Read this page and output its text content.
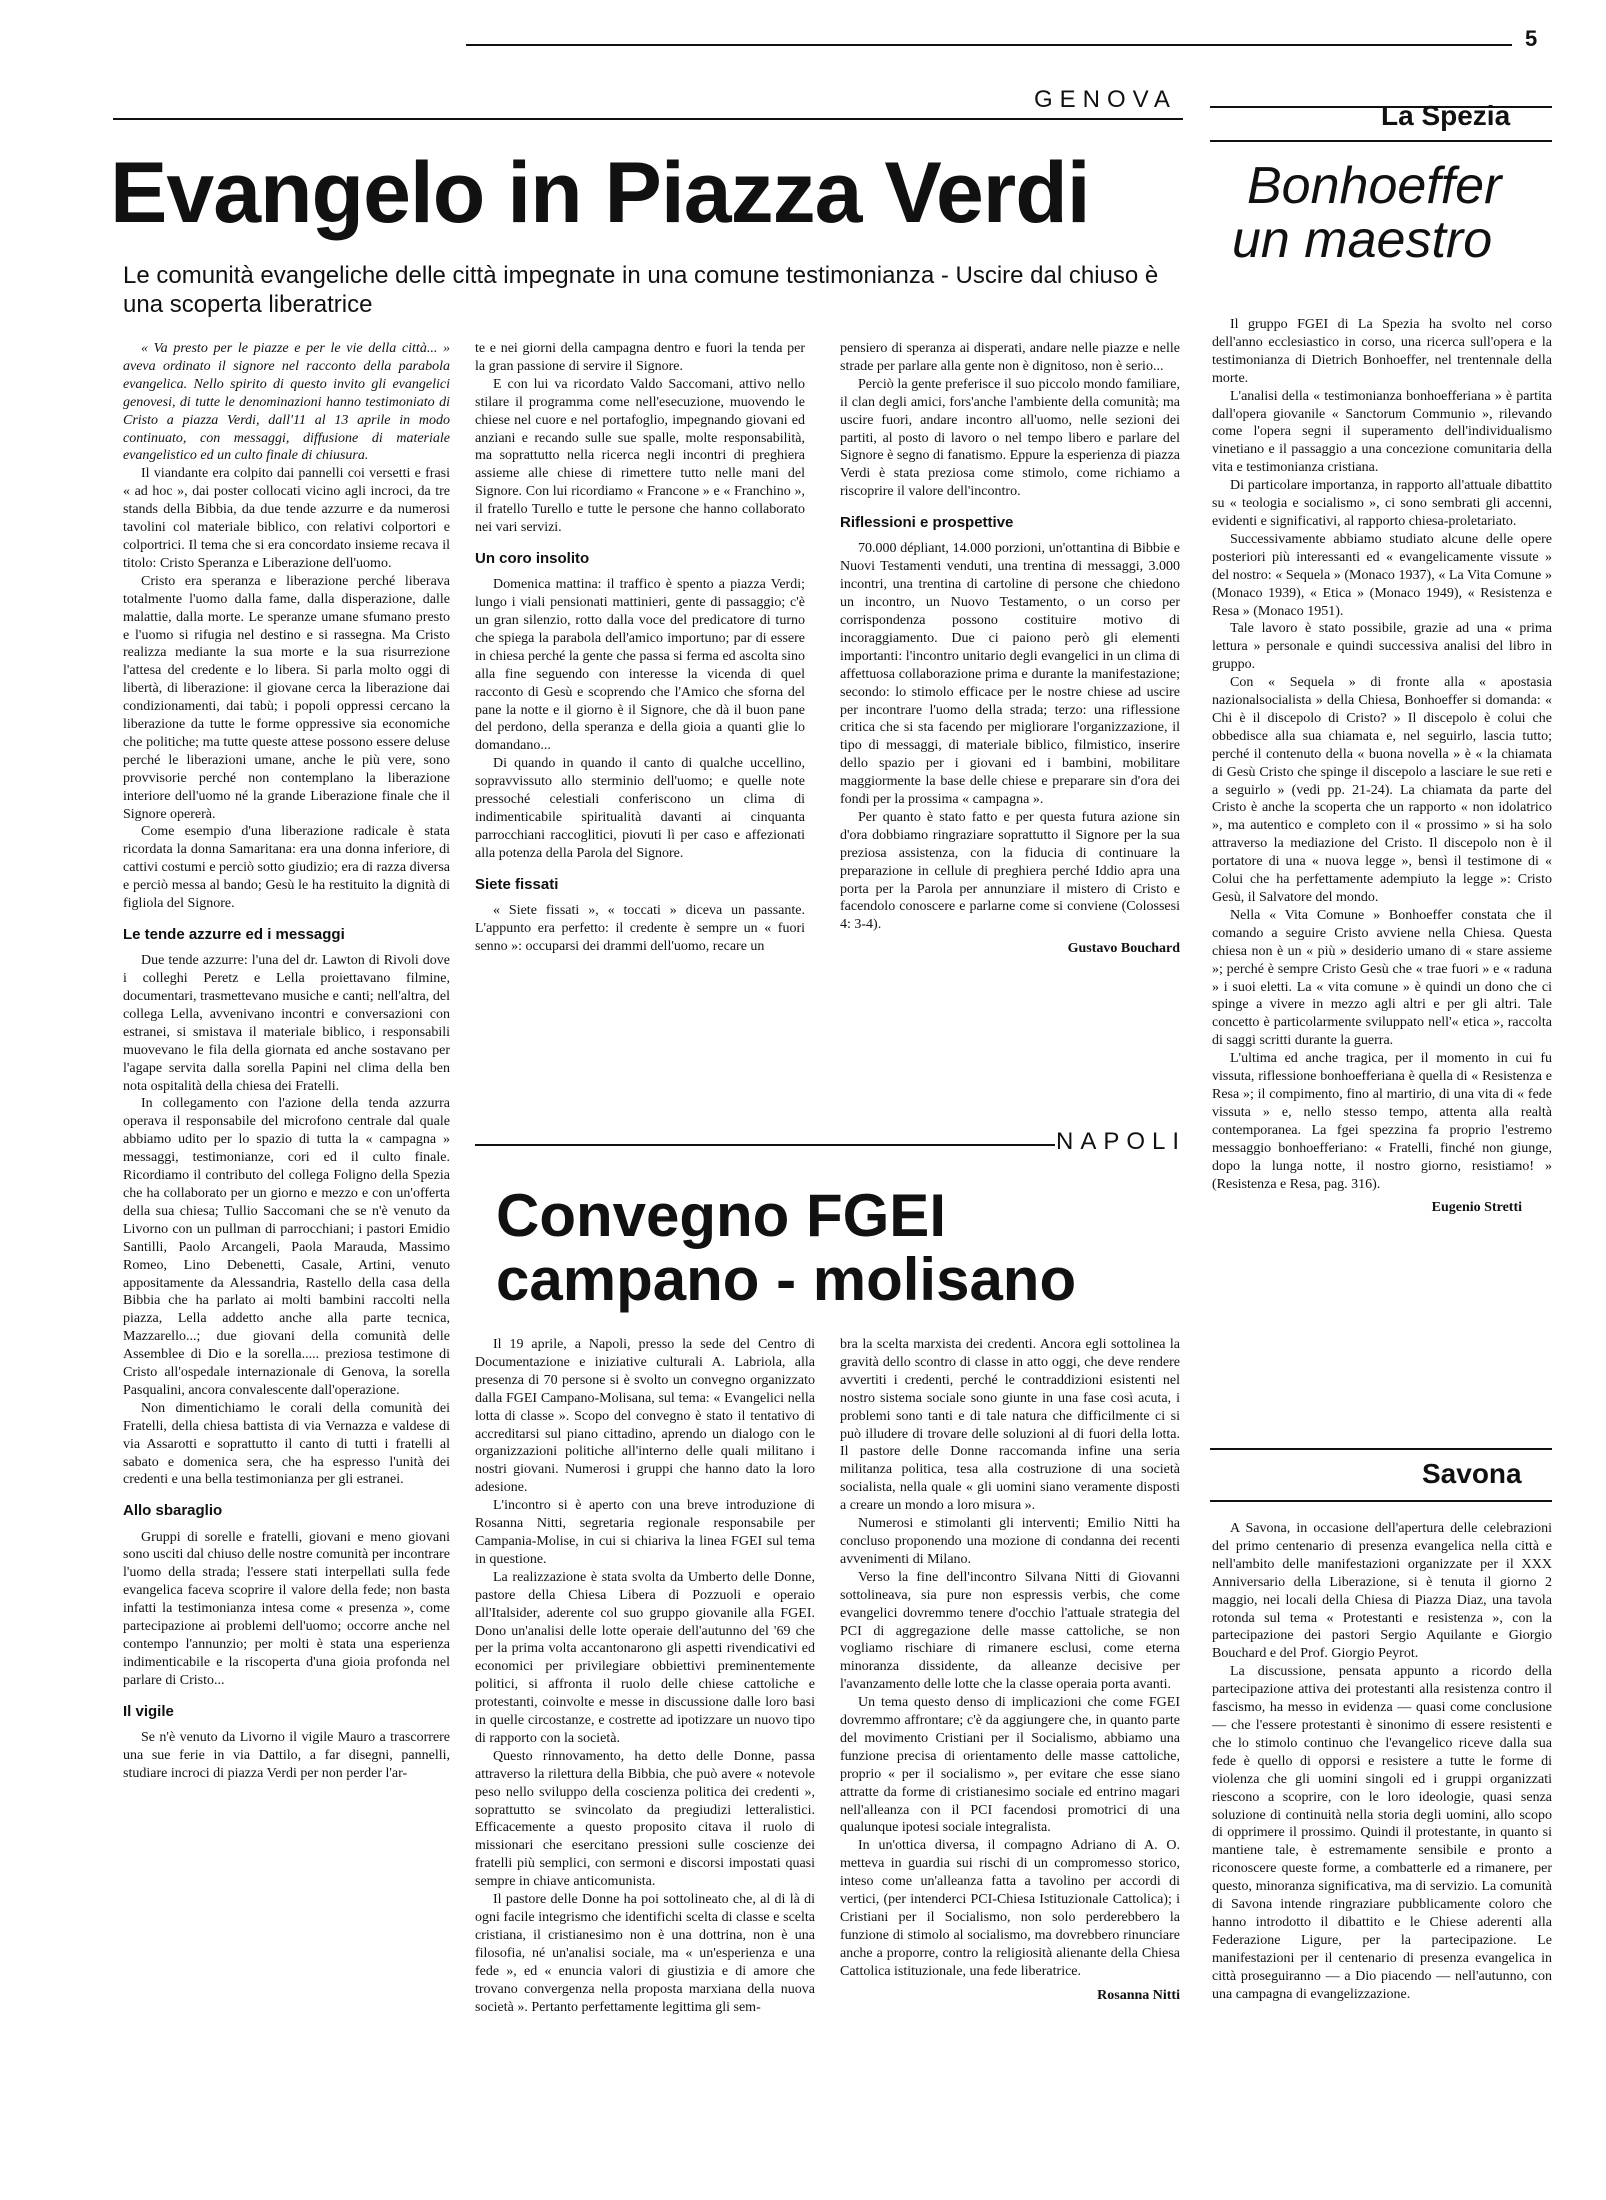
5
GENOVA
Evangelo in Piazza Verdi
Le comunità evangeliche delle città impegnate in una comune testimonianza - Uscire dal chiuso è una scoperta liberatrice

« Va presto per le piazze e per le vie della città... » aveva ordinato il signore nel racconto della parabola evangelica. Nello spirito di questo invito gli evangelici genovesi, di tutte le denominazioni hanno testimoniato di Cristo a piazza Verdi, dall'11 al 13 aprile in modo continuato, con messaggi, diffusione di materiale evangelistico ed un culto finale di chiusura.

Il viandante era colpito dai pannelli coi versetti e frasi « ad hoc », dai poster collocati vicino agli incroci, da tre stands della Bibbia, da due tende azzurre e da numerosi tavolini col materiale biblico, con relativi colportori e colportrici. Il tema che si era concordato insieme recava il titolo: Cristo Speranza e Liberazione dell'uomo.

Cristo era speranza e liberazione perché liberava totalmente l'uomo dalla fame, dalla disperazione, dalle malattie, dalla morte. Le speranze umane sfumano presto e l'uomo si rifugia nel destino e si rassegna. Ma Cristo realizza mediante la sua morte e la sua risurrezione l'attesa del credente e lo libera. Si parla molto oggi di libertà, di liberazione: il giovane cerca la liberazione dai condizionamenti, dai tabù; i popoli oppressi cercano la liberazione da tutte le forme oppressive sia economiche che politiche; ma tutte queste attese possono essere deluse perché le liberazioni umane, anche le più vere, sono provvisorie perché non contemplano la liberazione interiore dell'uomo né la grande Liberazione finale che il Signore opererà.

Come esempio d'una liberazione radicale è stata ricordata la donna Samaritana: era una donna inferiore, di cattivi costumi e perciò sotto giudizio; era di razza diversa e perciò messa al bando; Gesù le ha restituito la dignità di figliola del Signore.

Le tende azzurre ed i messaggi

Due tende azzurre: l'una del dr. Lawton di Rivoli dove i colleghi Peretz e Lella proiettavano filmine, documentari, trasmettevano musiche e canti; nell'altra, del collega Lella, avvenivano incontri e conversazioni con estranei, si smistava il materiale biblico, i responsabili muovevano le fila della giornata ed anche sostavano per l'agape servita dalla sorella Papini nel clima della ben nota ospitalità della chiesa dei Fratelli.

In collegamento con l'azione della tenda azzurra operava il responsabile del microfono centrale dal quale abbiamo udito per lo spazio di tutta la « campagna » messaggi, testimonianze, cori ed il culto finale. Ricordiamo il contributo del collega Foligno della Spezia che ha collaborato per un giorno e mezzo e con un'offerta della sua chiesa; Tullio Saccomani che se n'è venuto da Livorno con un pullman di parrocchiani; i pastori Emidio Santilli, Paolo Arcangeli, Paola Marauda, Massimo Romeo, Lino Debenetti, Casale, Artini, venuto appositamente da Alessandria, Rastello della casa della Bibbia che ha parlato ai molti bambini raccolti nella piazza, Lella addetto anche alla parte tecnica, Mazzarello...; due giovani della comunità delle Assemblee di Dio e la sorella..... preziosa testimone di Cristo all'ospedale internazionale di Genova, la sorella Pasqualini, ancora convalescente dall'operazione.

Non dimentichiamo le corali della comunità dei Fratelli, della chiesa battista di via Vernazza e valdese di via Assarotti e soprattutto il canto di tutti i fratelli al sabato e domenica sera, che ha espresso l'unità dei credenti e una bella testimonianza per gli estranei.

Allo sbaraglio

Gruppi di sorelle e fratelli, giovani e meno giovani sono usciti dal chiuso delle nostre comunità per incontrare l'uomo della strada; l'essere stati interpellati sulla fede evangelica faceva scoprire il valore della fede; non basta infatti la testimonianza intesa come « presenza », come partecipazione ai problemi dell'uomo; occorre anche nel contempo l'annunzio; per molti è stata una esperienza indimenticabile e la riscoperta d'una gioia profonda nel parlare di Cristo...

Il vigile

Se n'è venuto da Livorno il vigile Mauro a trascorrere una sue ferie in via Dattilo, a far disegni, pannelli, studiare incroci di piazza Verdi per non perder l'ar-

te e nei giorni della campagna dentro e fuori la tenda per la gran passione di servire il Signore.

E con lui va ricordato Valdo Saccomani, attivo nello stilare il programma come nell'esecuzione, muovendo le chiese nel cuore e nel portafoglio, impegnando giovani ed anziani e recando sulle sue spalle, molte responsabilità, ma soprattutto nella ricerca negli incontri di preghiera assieme alle chiese di rimettere tutto nelle mani del Signore. Con lui ricordiamo « Francone » e « Franchino », il fratello Turello e tutte le persone che hanno collaborato nei vari servizi.

Un coro insolito

Domenica mattina: il traffico è spento a piazza Verdi; lungo i viali pensionati mattinieri, gente di passaggio; c'è un gran silenzio, rotto dalla voce del predicatore di turno che spiega la parabola dell'amico importuno; par di essere in chiesa perché la gente che passa si ferma ed ascolta sino alla fine seguendo con interesse la vicenda di quel racconto di Gesù e scoprendo che l'Amico che sforna del pane la notte e il giorno è il Signore, che dà il buon pane del perdono, della speranza e della gioia a quanti glie lo domandano...

Di quando in quando il canto di qualche uccellino, sopravvissuto allo sterminio dell'uomo; e quelle note pressoché celestiali conferiscono un clima di indimenticabile spiritualità davanti ai cinquanta parrocchiani raccoglitici, piovuti lì per caso e affezionati alla potenza della Parola del Signore.

Siete fissati

« Siete fissati », « toccati » diceva un passante. L'appunto era perfetto: il credente è sempre un « fuori senno »: occuparsi dei drammi dell'uomo, recare un

pensiero di speranza ai disperati, andare nelle piazze e nelle strade per parlare alla gente non è dignitoso, non è serio...

Perciò la gente preferisce il suo piccolo mondo familiare, il clan degli amici, fors'anche l'ambiente della comunità; ma uscire fuori, andare incontro all'uomo, nelle sezioni dei partiti, al posto di lavoro o nel tempo libero e parlare del Signore è segno di fanatismo. Eppure la esperienza di piazza Verdi è stata preziosa come stimolo, come richiamo a riscoprire il valore dell'incontro.

Riflessioni e prospettive

70.000 dépliant, 14.000 porzioni, un'ottantina di Bibbie e Nuovi Testamenti venduti, una trentina di messaggi, 3.000 incontri, una trentina di cartoline di persone che chiedono un incontro, un Nuovo Testamento, o un corso per corrispondenza possono costituire motivo di incoraggiamento. Due ci paiono però gli elementi importanti: l'incontro unitario degli evangelici in un clima di affettuosa collaborazione prima e durante la manifestazione; secondo: lo stimolo efficace per le nostre chiese ad uscire per incontrare l'uomo della strada; terzo: una riflessione critica che si sta facendo per migliorare l'organizzazione, il tipo di messaggi, di materiale biblico, filmistico, inserire dello spazio per i giovani ed i bambini, mobilitare maggiormente la base delle chiese e preparare sin d'ora dei fondi per la prossima « campagna ».

Per quanto è stato fatto e per questa futura azione sin d'ora dobbiamo ringraziare soprattutto il Signore per la sua preziosa assistenza, con la fiducia di continuare la preparazione in cellule di preghiera perché Iddio apra una porta per la Parola per annunziare il mistero di Cristo e facendolo conoscere e parlarne come si conviene (Colossesi 4: 3-4).

Gustavo Bouchard
NAPOLI
Convegno FGEI
campano - molisano

Il 19 aprile, a Napoli, presso la sede del Centro di Documentazione e iniziative culturali A. Labriola, alla presenza di 70 persone si è svolto un convegno organizzato dalla FGEI Campano-Molisana, sul tema: « Evangelici nella lotta di classe ». Scopo del convegno è stato il tentativo di accreditarsi sul piano cittadino, aprendo un dialogo con le organizzazioni politiche all'interno delle quali militano i nostri giovani. Numerosi i gruppi che hanno dato la loro adesione.

L'incontro si è aperto con una breve introduzione di Rosanna Nitti, segretaria regionale responsabile per Campania-Molise, in cui si chiariva la linea FGEI sul tema in questione.

La realizzazione è stata svolta da Umberto delle Donne, pastore della Chiesa Libera di Pozzuoli e operaio all'Italsider, aderente col suo gruppo giovanile alla FGEI. Dono un'analisi delle lotte operaie dell'autunno del '69 che per la prima volta accantonarono gli aspetti rivendicativi ed economici per privilegiare obbiettivi preminentemente politici, si affronta il ruolo delle chiese cattoliche e protestanti, coinvolte e messe in discussione dalle loro basi in quelle circostanze, e costrette ad ipotizzare un nuovo tipo di rapporto con la società.

Questo rinnovamento, ha detto delle Donne, passa attraverso la rilettura della Bibbia, che può avere « notevole peso nello sviluppo della coscienza politica dei credenti », soprattutto se svincolato da pregiudizi letteralistici. Efficacemente a questo proposito citava il ruolo di missionari che esercitano pressioni sulle coscienze dei fratelli più semplici, con sermoni e discorsi impostati quasi sempre in chiave anticomunista.

Il pastore delle Donne ha poi sottolineato che, al di là di ogni facile integrismo che identifichi scelta di classe e scelta cristiana, il cristianesimo non è una dottrina, non è una filosofia, né un'analisi sociale, ma « un'esperienza e una fede », ed « enuncia valori di giustizia e di amore che trovano convergenza nella proposta marxiana della nuova società ». Pertanto perfettamente legittima gli sem-

bra la scelta marxista dei credenti. Ancora egli sottolinea la gravità dello scontro di classe in atto oggi, che deve rendere avvertiti i credenti, perché le contraddizioni esistenti nel nostro sistema sociale sono giunte in una fase così acuta, i problemi sono tanti e di tale natura che difficilmente ci si può illudere di trovare delle soluzioni al di fuori della lotta. Il pastore delle Donne raccomanda infine una seria militanza politica, tesa alla costruzione di una società socialista, nella quale « gli uomini siano veramente disposti a creare un mondo a loro misura ».

Numerosi e stimolanti gli interventi; Emilio Nitti ha concluso proponendo una mozione di condanna dei recenti avvenimenti di Milano.

Verso la fine dell'incontro Silvana Nitti di Giovanni sottolineava, sia pure non espressis verbis, che come evangelici dovremmo tenere d'occhio l'attuale strategia del PCI di aggregazione delle masse cattoliche, se non vogliamo rischiare di rimanere esclusi, come eterna minoranza dissidente, da alleanze decisive per l'avanzamento delle lotte che la classe operaia porta avanti.

Un tema questo denso di implicazioni che come FGEI dovremmo affrontare; c'è da aggiungere che, in quanto parte del movimento Cristiani per il Socialismo, abbiamo una funzione precisa di orientamento delle masse cattoliche, proprio « per il socialismo », per evitare che esse siano attratte da forme di cristianesimo sociale ed entrino magari nell'alleanza con il PCI facendosi promotrici di una qualunque ipotesi sociale integralista.

In un'ottica diversa, il compagno Adriano di A. O. metteva in guardia sui rischi di un compromesso storico, inteso come un'alleanza fatta a tavolino per accordi di vertici, (per intenderci PCI-Chiesa Istituzionale Cattolica); i Cristiani per il Socialismo, non solo perderebbero la funzione di stimolo al socialismo, ma dovrebbero rinunciare anche a proporre, contro la religiosità alienante della Chiesa Cattolica istituzionale, una fede liberatrice.

Rosanna Nitti
La Spezia
Bonhoeffer
un maestro

Il gruppo FGEI di La Spezia ha svolto nel corso dell'anno ecclesiastico in corso, una ricerca sull'opera e la testimonianza di Dietrich Bonhoeffer, nel trentennale della morte.

L'analisi della « testimonianza bonhoefferiana » è partita dall'opera giovanile « Sanctorum Communio », rilevando come l'opera segni il superamento dell'individualismo vinetiano e il passaggio a una concezione comunitaria della vita e testimonianza cristiana.

Di particolare importanza, in rapporto all'attuale dibattito su « teologia e socialismo », ci sono sembrati gli accenni, evidenti e significativi, al rapporto chiesa-proletariato.

Successivamente abbiamo studiato alcune delle opere posteriori più interessanti ed « evangelicamente vissute » del nostro: « Sequela » (Monaco 1937), « La Vita Comune » (Monaco 1939), « Etica » (Monaco 1949), « Resistenza e Resa » (Monaco 1951).

Tale lavoro è stato possibile, grazie ad una « prima lettura » personale e quindi successiva analisi del libro in gruppo.

Con « Sequela » di fronte alla « apostasia nazionalsocialista » della Chiesa, Bonhoeffer si domanda: « Chi è il discepolo di Cristo? » Il discepolo è colui che obbedisce alla sua chiamata e, nel seguirlo, lascia tutto; perché il contenuto della « buona novella » è « la chiamata di Gesù Cristo che spinge il discepolo a lasciare le sue reti e a seguirlo » (vedi pp. 21-24). La chiamata da parte del Cristo è anche la scoperta che un rapporto « non idolatrico », ma autentico e completo con il « prossimo » si ha solo attraverso la mediazione del Cristo. Il discepolo non è il portatore di una « nuova legge », bensì il testimone di « Colui che ha perfettamente adempiuto la legge »: Cristo Gesù, il Salvatore del mondo.

Nella « Vita Comune » Bonhoeffer constata che il comando a seguire Cristo avviene nella Chiesa. Questa chiesa non è un « più » desiderio umano di « stare assieme »; perché è sempre Cristo Gesù che « trae fuori » e « raduna » i suoi eletti. La « vita comune » è quindi un dono che ci spinge a vivere in mezzo agli altri e per gli altri. Tale concetto è particolarmente sviluppato nell'« etica », raccolta di saggi scritti durante la guerra.

L'ultima ed anche tragica, per il momento in cui fu vissuta, riflessione bonhoefferiana è quella di « Resistenza e Resa »; il compimento, fino al martirio, di una vita di « fede vissuta » e, nello stesso tempo, attenta alla realtà contemporanea. La fgei spezzina fa proprio l'estremo messaggio bonhoefferiano: « Fratelli, finché non giunge, dopo la lunga notte, il nostro giorno, resistiamo! » (Resistenza e Resa, pag. 316).

Eugenio Stretti
Savona

A Savona, in occasione dell'apertura delle celebrazioni del primo centenario di presenza evangelica nella città e nell'ambito delle manifestazioni organizzate per il XXX Anniversario della Liberazione, si è tenuta il giorno 2 maggio, nei locali della Chiesa di Piazza Diaz, una tavola rotonda sul tema « Protestanti e resistenza », con la partecipazione dei pastori Sergio Aquilante e Giorgio Bouchard e del Prof. Giorgio Peyrot.

La discussione, pensata appunto a ricordo della partecipazione attiva dei protestanti alla resistenza contro il fascismo, ha messo in evidenza — quasi come conclusione — che l'essere protestanti è sinonimo di essere resistenti e che lo stimolo continuo che l'evangelico riceve dalla sua fede è quello di opporsi e resistere a tutte le forme di violenza che gli uomini singoli ed i gruppi organizzati riescono a scoprire, con le loro ideologie, quasi senza soluzione di continuità nella storia degli uomini, allo scopo di opprimere il prossimo. Quindi il protestante, in quanto si mantiene tale, è estremamente sensibile e pronto a riconoscere queste forme, a combatterle ed a rimanere, per questo, minoranza significativa, ma di servizio. La comunità di Savona intende ringraziare pubblicamente coloro che hanno introdotto il dibattito e le Chiese aderenti alla Federazione Ligure, per la partecipazione. Le manifestazioni per il centenario di presenza evangelica in città proseguiranno — a Dio piacendo — nell'autunno, con una campagna di evangelizzazione.
